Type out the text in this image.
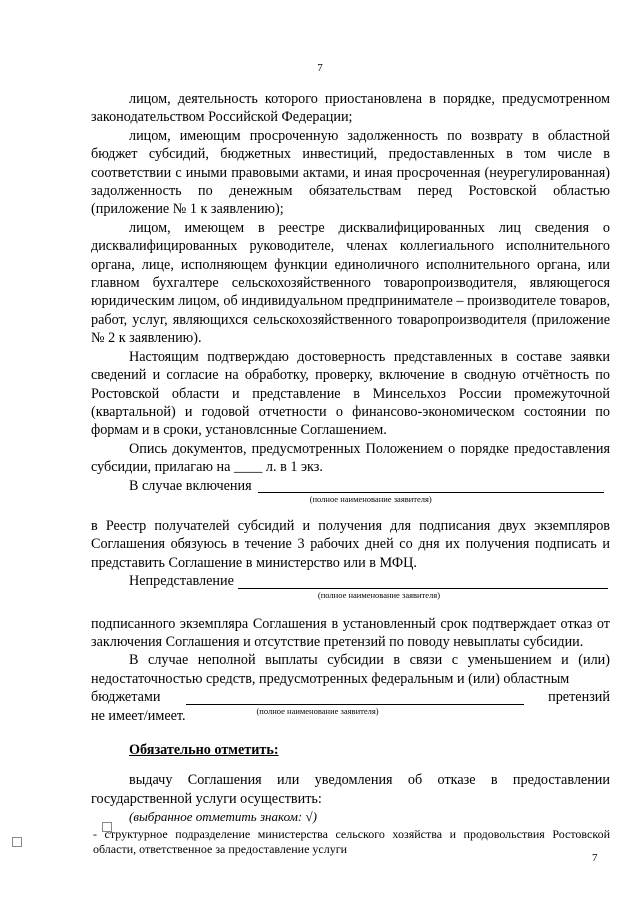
7

лицом, деятельность которого приостановлена в порядке, предусмотренном законодательством Российской Федерации;

лицом, имеющим просроченную задолженность по возврату в областной бюджет субсидий, бюджетных инвестиций, предоставленных в том числе в соответствии с иными правовыми актами, и иная просроченная (неурегулированная) задолженность по денежным обязательствам перед Ростовской областью (приложение № 1 к заявлению);

лицом, имеющем в реестре дисквалифицированных лиц сведения о дисквалифицированных руководителе, членах коллегиального исполнительного органа, лице, исполняющем функции единоличного исполнительного органа, или главном бухгалтере сельскохозяйственного товаропроизводителя, являющегося юридическим лицом, об индивидуальном предпринимателе – производителе товаров, работ, услуг, являющихся сельскохозяйственного товаропроизводителя (приложение № 2 к заявлению).

Настоящим подтверждаю достоверность представленных в составе заявки сведений и согласие на обработку, проверку, включение в сводную отчётность по Ростовской области и представление в Минсельхоз России промежуточной (квартальной) и годовой отчетности о финансово-экономическом состоянии по формам и в сроки, установлснные Соглашением.

Опись документов, предусмотренных Положением о порядке предоставления субсидии, прилагаю на ____ л. в 1 экз.

В случае включения
(полное наименование заявителя)

в Реестр получателей субсидий и получения для подписания двух экземпляров Соглашения обязуюсь в течение 3 рабочих дней со дня их получения подписать и представить Соглашение в министерство или в МФЦ.

Непредставление
(полное наименование заявителя)

подписанного экземпляра Соглашения в установленный срок подтверждает отказ от заключения Соглашения и отсутствие претензий по поводу невыплаты субсидии.

В случае неполной выплаты субсидии в связи с уменьшением и (или) недостаточностью средств, предусмотренных федеральным и (или) областным

бюджетами
(полное наименование заявителя)
претензий

не имеет/имеет.

Обязательно отметить:

выдачу Соглашения или уведомления об отказе в предоставлении государственной услуги осуществить:

(выбранное отметить знаком: √)

- структурное подразделение министерства сельского хозяйства и продовольствия Ростовской области, ответственное за предоставление услуги
7
